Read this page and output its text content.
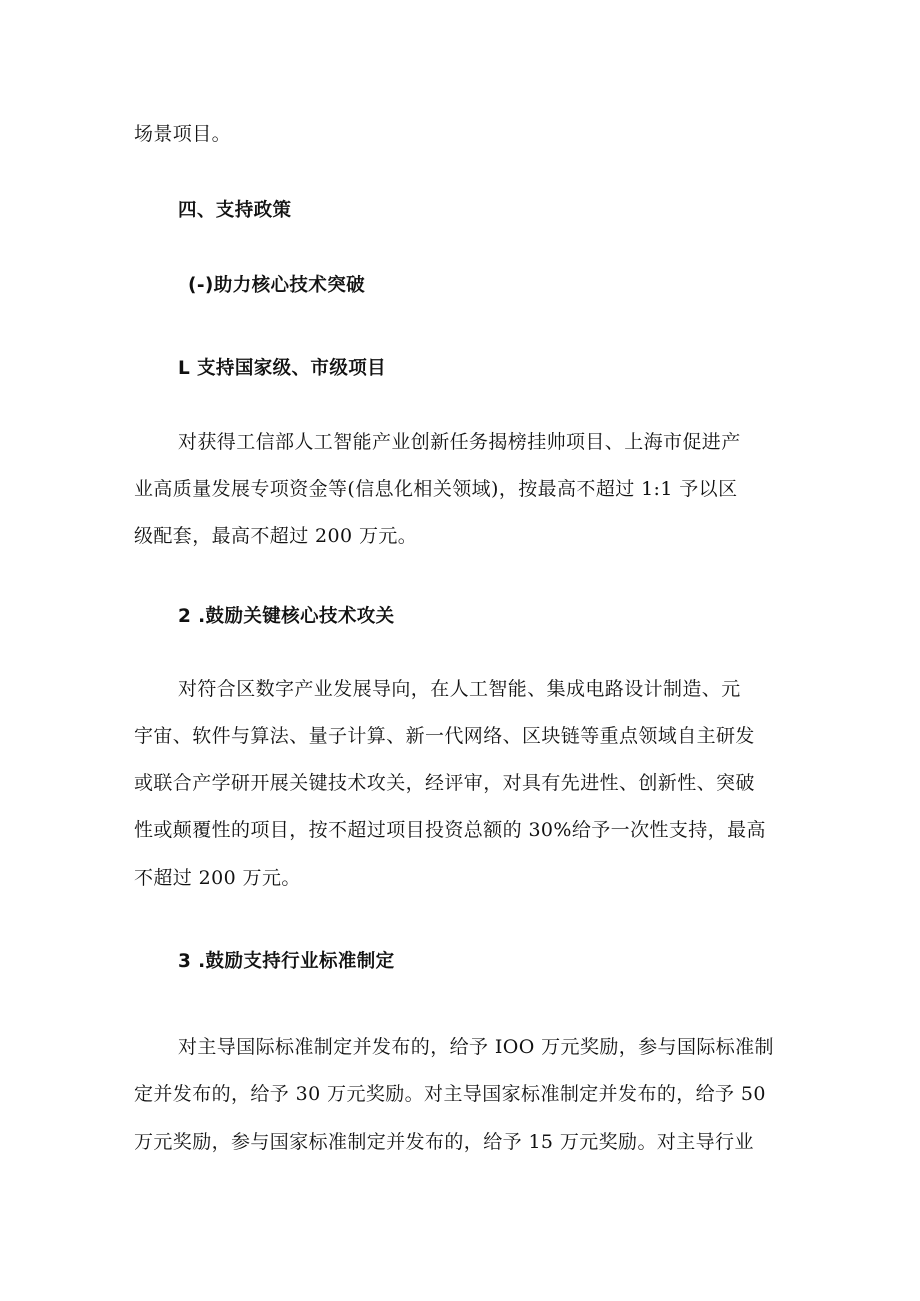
场景项目。
四、支持政策
(-)助力核心技术突破
L 支持国家级、市级项目
对获得工信部人工智能产业创新任务揭榜挂帅项目、上海市促进产
业高质量发展专项资金等(信息化相关领域)，按最高不超过 1:1 予以区
级配套，最高不超过 200 万元。
2 .鼓励关键核心技术攻关
对符合区数字产业发展导向，在人工智能、集成电路设计制造、元
宇宙、软件与算法、量子计算、新一代网络、区块链等重点领域自主研发
或联合产学研开展关键技术攻关，经评审，对具有先进性、创新性、突破
性或颠覆性的项目，按不超过项目投资总额的 30%给予一次性支持，最高
不超过 200 万元。
3 .鼓励支持行业标准制定
对主导国际标准制定并发布的，给予 IOO 万元奖励，参与国际标准制
定并发布的，给予 30 万元奖励。对主导国家标准制定并发布的，给予 50
万元奖励，参与国家标准制定并发布的，给予 15 万元奖励。对主导行业
